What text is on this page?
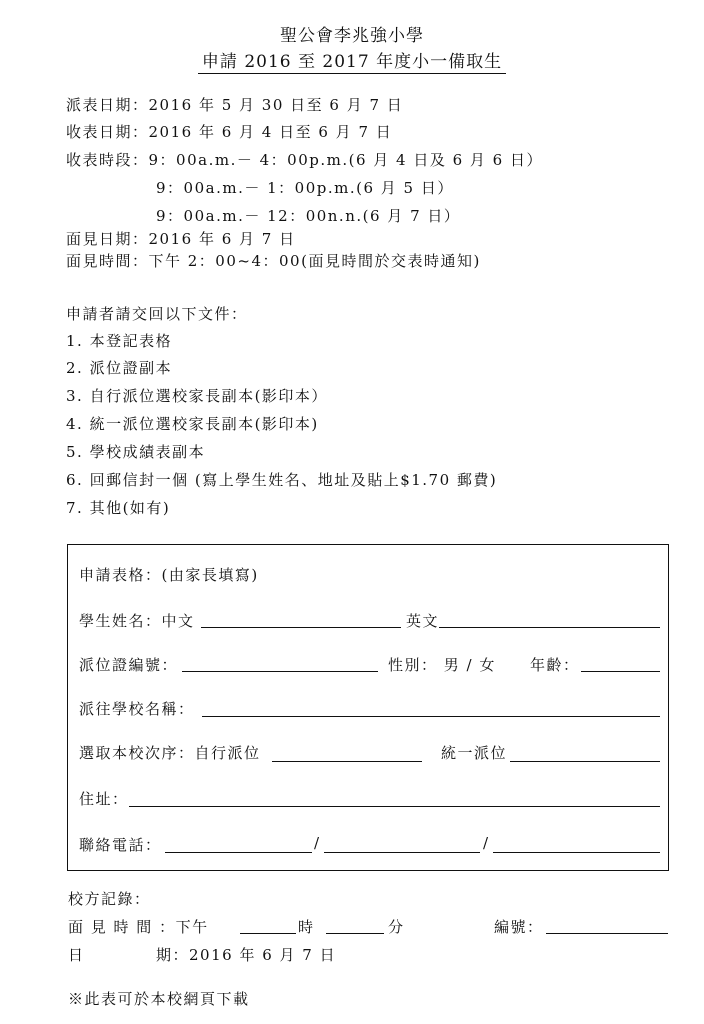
聖公會李兆強小學
申請 2016 至 2017 年度小一備取生
派表日期：2016 年 5 月 30 日至 6 月 7 日
收表日期：2016 年 6 月 4 日至 6 月 7 日
收表時段：9：00a.m.－ 4：00p.m.(6 月 4 日及 6 月 6 日）
9：00a.m.－ 1：00p.m.(6 月 5 日）
9：00a.m.－ 12：00n.n.(6 月 7 日）
面見日期：2016 年 6 月 7 日
面見時間：下午 2：00~4：00(面見時間於交表時通知)
申請者請交回以下文件：
1. 本登記表格
2. 派位證副本
3. 自行派位選校家長副本(影印本）
4. 統一派位選校家長副本(影印本)
5. 學校成績表副本
6. 回郵信封一個 (寫上學生姓名、地址及貼上$1.70 郵費)
7. 其他(如有)
申請表格：(由家長填寫)
學生姓名：中文	英文
派位證編號：	性別： 男 / 女 年齡：
派往學校名稱：
選取本校次序：自行派位	統一派位
住址：
聯絡電話：	/	/
校方記錄：
面 見 時 間 ：下午	時	分	編號：
日	期：2016 年 6 月 7 日
※此表可於本校網頁下載
